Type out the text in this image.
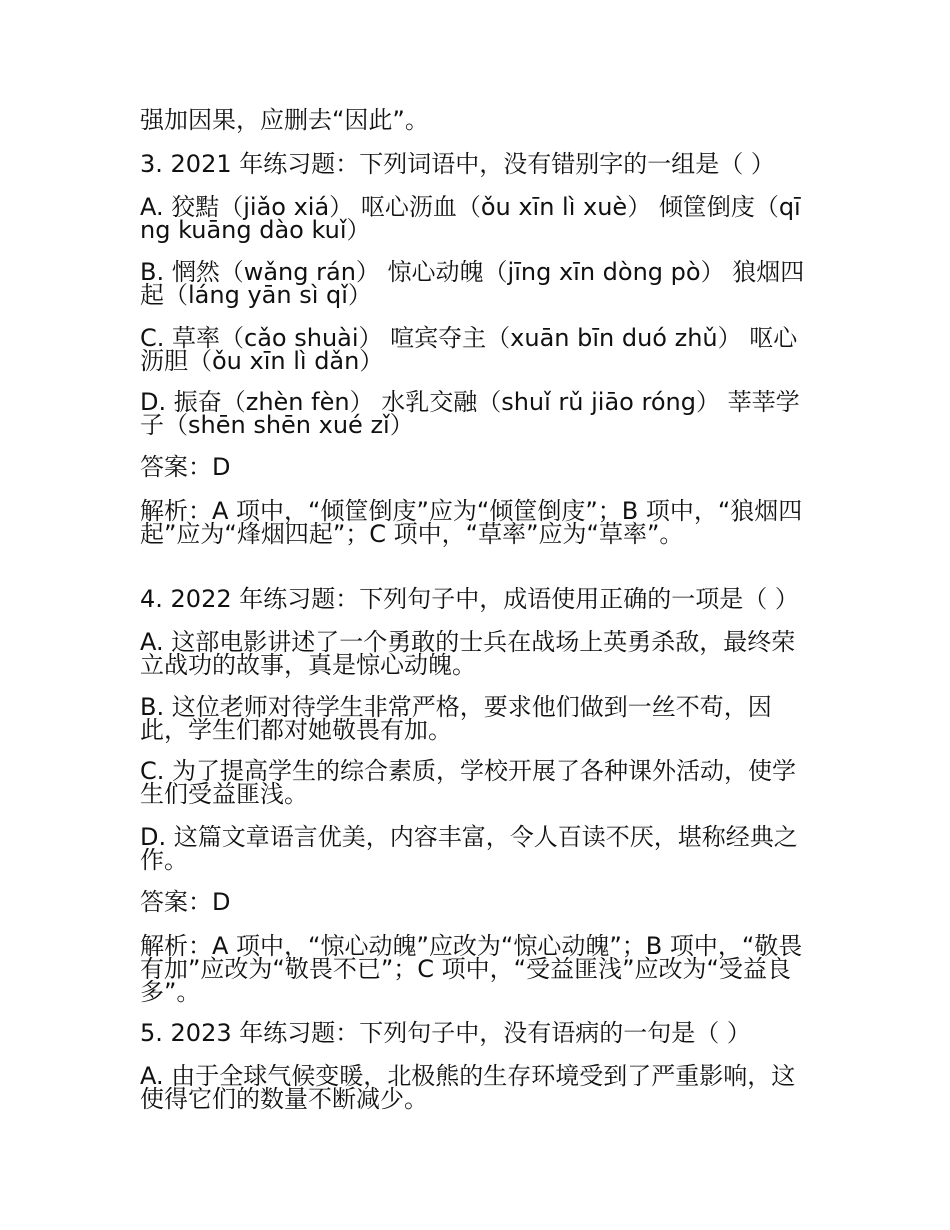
强加因果，应删去“因此”。

3. 2021 年练习题：下列词语中，没有错别字的一组是（ ）

A. 狡黠（jiǎo xiá） 呕心沥血（ǒu xīn lì xuè） 倾筐倒庋（qīng kuāng dào kuǐ）

B. 惘然（wǎng rán） 惊心动魄（jīng xīn dòng pò） 狼烟四起（láng yān sì qǐ）

C. 草率（cǎo shuài） 喧宾夺主（xuān bīn duó zhǔ） 呕心沥胆（ǒu xīn lì dǎn）

D. 振奋（zhèn fèn） 水乳交融（shuǐ rǔ jiāo róng） 莘莘学子（shēn shēn xué zǐ）

答案：D

解析：A 项中，“倾筐倒庋”应为“倾筐倒庋”；B 项中，“狼烟四起”应为“烽烟四起”；C 项中，“草率”应为“草率”。

4. 2022 年练习题：下列句子中，成语使用正确的一项是（ ）

A. 这部电影讲述了一个勇敢的士兵在战场上英勇杀敌，最终荣立战功的故事，真是惊心动魄。

B. 这位老师对待学生非常严格，要求他们做到一丝不苟，因此，学生们都对她敬畏有加。

C. 为了提高学生的综合素质，学校开展了各种课外活动，使学生们受益匪浅。

D. 这篇文章语言优美，内容丰富，令人百读不厌，堪称经典之作。

答案：D

解析：A 项中，“惊心动魄”应改为“惊心动魄”；B 项中，“敬畏有加”应改为“敬畏不已”；C 项中，“受益匪浅”应改为“受益良多”。

5. 2023 年练习题：下列句子中，没有语病的一句是（ ）

A. 由于全球气候变暖，北极熊的生存环境受到了严重影响，这使得它们的数量不断减少。
